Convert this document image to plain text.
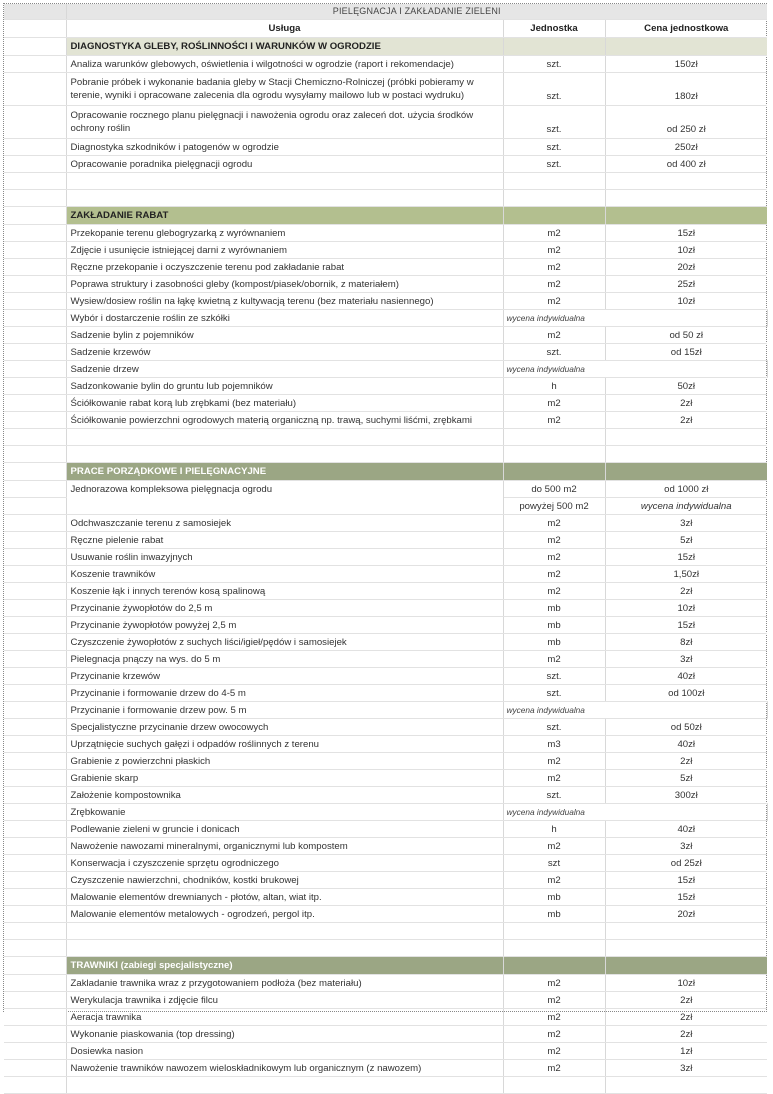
	PIELĘGNACJA I ZAKŁADANIE ZIELENI		
	Usługa	Jednostka	Cena jednostkowa
	DIAGNOSTYKA GLEBY, ROŚLINNOŚCI I WARUNKÓW W OGRODZIE		
	Analiza warunków glebowych, oświetlenia i wilgotności w ogrodzie (raport i rekomendacje)	szt.	150zł
	Pobranie próbek i wykonanie badania gleby w Stacji Chemiczno-Rolniczej (próbki pobieramy w terenie, wyniki i opracowane zalecenia dla ogrodu wysyłamy mailowo lub w postaci wydruku)	szt.	180zł
	Opracowanie rocznego planu pielęgnacji i nawożenia ogrodu oraz zaleceń dot. użycia środków ochrony roślin	szt.	od 250 zł
	Diagnostyka szkodników i patogenów w ogrodzie	szt.	250zł
	Opracowanie poradnika pielęgnacji ogrodu	szt.	od 400 zł

	ZAKŁADANIE RABAT		
	Przekopanie terenu glebogryzarką z wyrównaniem	m2	15zł
	Zdjęcie i usunięcie istniejącej darni z wyrównaniem	m2	10zł
	Ręczne przekopanie i oczyszczenie terenu pod zakładanie rabat	m2	20zł
	Poprawa struktury i zasobności gleby (kompost/piasek/obornik, z materiałem)	m2	25zł
	Wysiew/dosiew roślin na łąkę kwietną z kultywacją terenu (bez materiału nasiennego)	m2	10zł
	Wybór i dostarczenie roślin ze szkółki	wycena indywidualna	
	Sadzenie bylin z pojemników	m2	od 50 zł
	Sadzenie krzewów	szt.	od 15zł
	Sadzenie drzew	wycena indywidualna	
	Sadzonkowanie bylin do gruntu lub pojemników	h	50zł
	Ściółkowanie rabat korą lub zrębkami (bez materiału)	m2	2zł
	Ściółkowanie powierzchni ogrodowych materią organiczną np. trawą, suchymi liśćmi, zrębkami	m2	2zł

	PRACE PORZĄDKOWE I PIELĘGNACYJNE		
	Jednorazowa kompleksowa pielęgnacja ogrodu	do 500 m2	od 1000 zł
		powyżej 500 m2	wycena indywidualna
	Odchwaszczanie terenu z samosiejek	m2	3zł
	Ręczne pielenie rabat	m2	5zł
	Usuwanie roślin inwazyjnych	m2	15zł
	Koszenie trawników	m2	1,50zł
	Koszenie łąk i innych terenów kosą spalinową	m2	2zł
	Przycinanie żywopłotów do 2,5 m	mb	10zł
	Przycinanie żywopłotów powyżej 2,5 m	mb	15zł
	Czyszczenie żywopłotów z suchych liści/igieł/pędów i samosiejek	mb	8zł
	Pielegnacja pnączy na wys. do 5 m	m2	3zł
	Przycinanie krzewów	szt.	40zł
	Przycinanie i formowanie drzew do 4-5 m	szt.	od 100zł
	Przycinanie i formowanie drzew pow. 5 m	wycena indywidualna	
	Specjalistyczne przycinanie drzew owocowych	szt.	od 50zł
	Uprzątnięcie suchych gałęzi i odpadów roślinnych z terenu	m3	40zł
	Grabienie z powierzchni płaskich	m2	2zł
	Grabienie skarp	m2	5zł
	Założenie kompostownika	szt.	300zł
	Zrębkowanie	wycena indywidualna	
	Podlewanie zieleni w gruncie i donicach	h	40zł
	Nawożenie nawozami mineralnymi, organicznymi lub kompostem	m2	3zł
	Konserwacja i czyszczenie sprzętu ogrodniczego	szt	od 25zł
	Czyszczenie nawierzchni, chodników, kostki brukowej	m2	15zł
	Malowanie elementów drewnianych - płotów, altan, wiat itp.	mb	15zł
	Malowanie elementów metalowych - ogrodzeń, pergol itp.	mb	20zł

	TRAWNIKI (zabiegi specjalistyczne)		
	Zakladanie trawnika wraz z przygotowaniem podłoża (bez materiału)	m2	10zł
	Werykulacja trawnika i zdjęcie filcu	m2	2zł
	Aeracja trawnika	m2	2zł
	Wykonanie piaskowania (top dressing)	m2	2zł
	Dosiewka nasion	m2	1zł
	Nawożenie trawników nawozem wieloskładnikowym lub organicznym (z nawozem)	m2	3zł
